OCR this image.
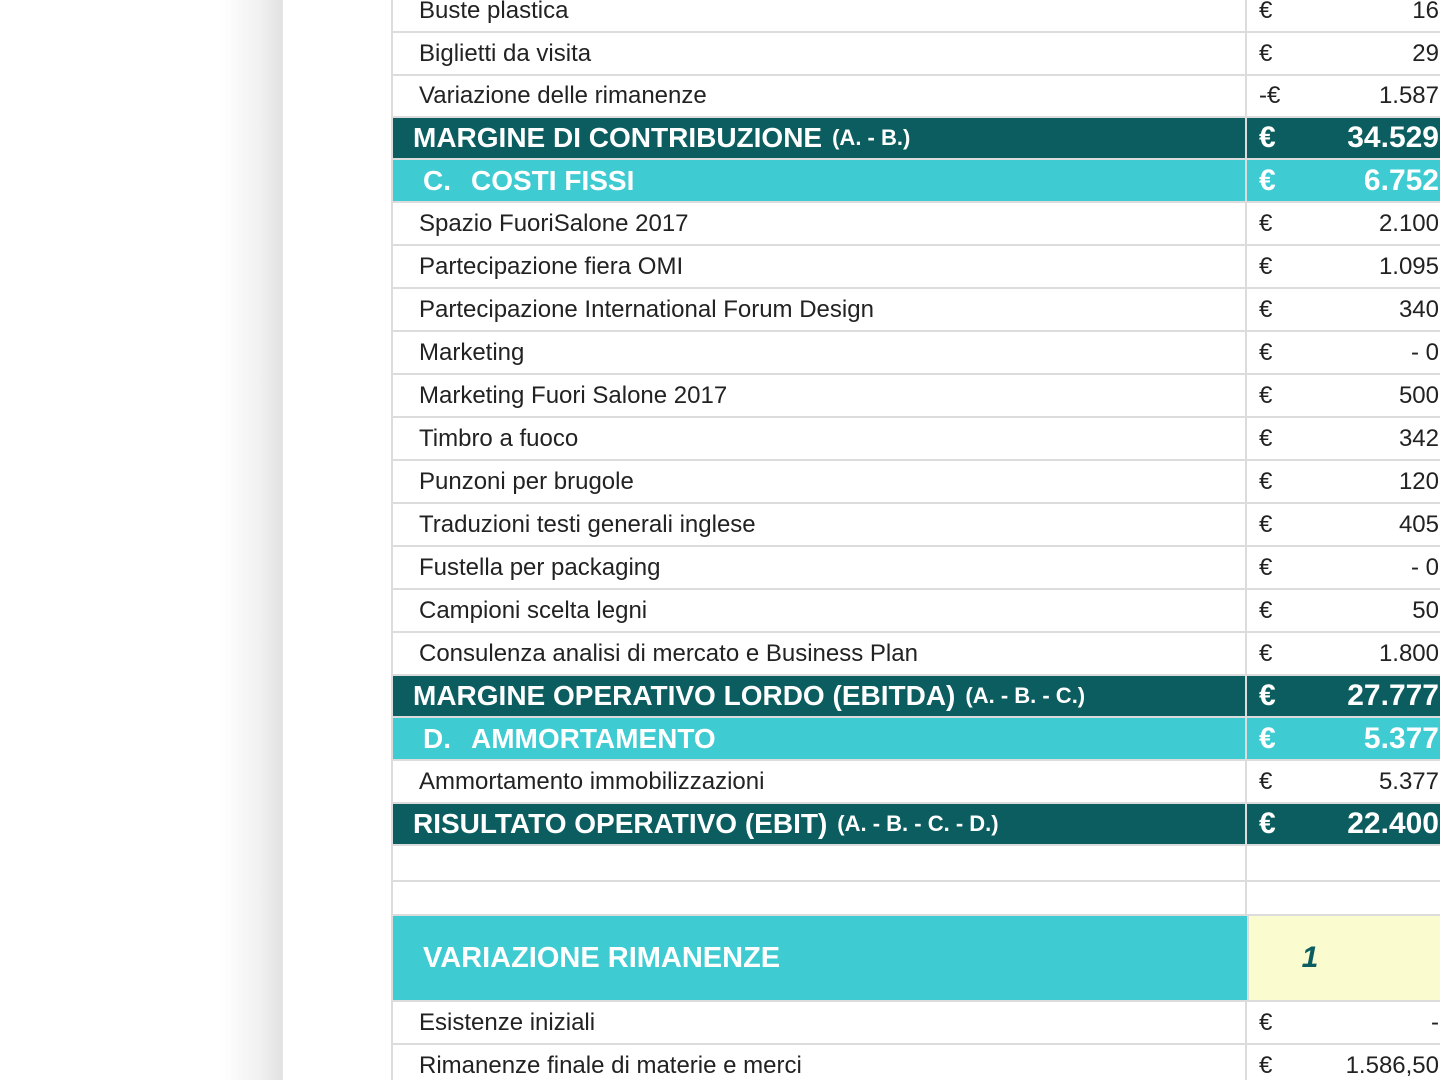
Buste plastica	€	16
Biglietti da visita	€	29
Variazione delle rimanenze	-€	1.587
MARGINE DI CONTRIBUZIONE (A. - B.)	€ 34.529
C. COSTI FISSI	€	6.752
Spazio FuoriSalone 2017	€	2.100
Partecipazione fiera OMI	€	1.095
Partecipazione International Forum Design	€	340
Marketing	€	- 0
Marketing Fuori Salone 2017	€	500
Timbro a fuoco	€	342
Punzoni per brugole	€	120
Traduzioni testi generali inglese	€	405
Fustella per packaging	€	- 0
Campioni scelta legni	€	50
Consulenza analisi di mercato e Business Plan	€	1.800
MARGINE OPERATIVO LORDO (EBITDA) (A. - B. - C.)	€ 27.777
D. AMMORTAMENTO	€	5.377
Ammortamento immobilizzazioni	€	5.377
RISULTATO OPERATIVO (EBIT) (A. - B. - C. - D.)	€ 22.400
VARIAZIONE RIMANENZE	1
Esistenze iniziali	€	-
Rimanenze finale di materie e merci	€	1.586,50
